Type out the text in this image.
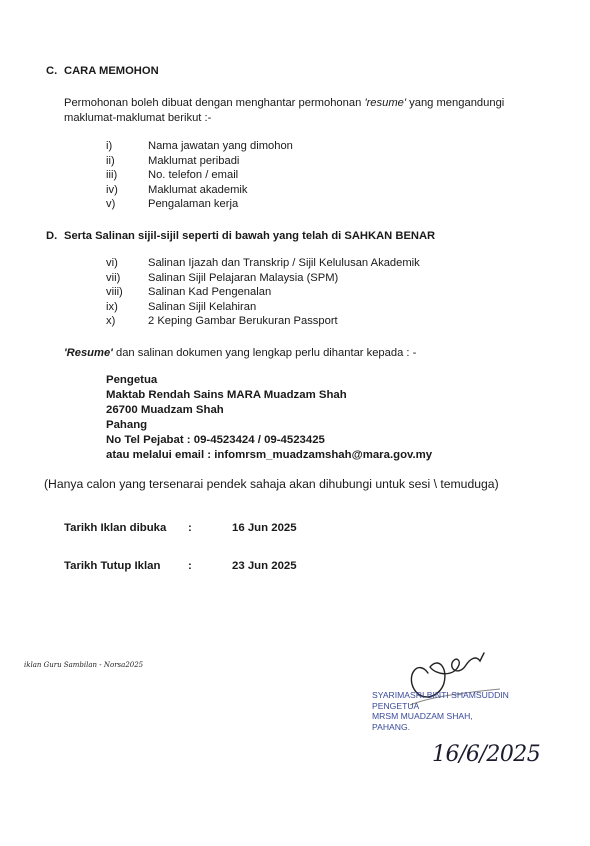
C. CARA MEMOHON
Permohonan boleh dibuat dengan menghantar permohonan 'resume' yang mengandungi
maklumat-maklumat berikut :-
i)	Nama jawatan yang dimohon
ii)	Maklumat peribadi
iii)	No. telefon / email
iv)	Maklumat akademik
v)	Pengalaman kerja
D. Serta Salinan sijil-sijil seperti di bawah yang telah di SAHKAN BENAR
vi)	Salinan Ijazah dan Transkrip / Sijil Kelulusan Akademik
vii)	Salinan Sijil Pelajaran Malaysia (SPM)
viii)	Salinan Kad Pengenalan
ix)	Salinan Sijil Kelahiran
x)	2 Keping Gambar Berukuran Passport
'Resume' dan salinan dokumen yang lengkap perlu dihantar kepada : -
Pengetua
Maktab Rendah Sains MARA Muadzam Shah
26700 Muadzam Shah
Pahang
No Tel Pejabat : 09-4523424 / 09-4523425
atau melalui email : infomrsm_muadzamshah@mara.gov.my
(Hanya calon yang tersenarai pendek sahaja akan dihubungi untuk sesi \ temuduga)
Tarikh Iklan dibuka	:	16 Jun 2025
Tarikh Tutup Iklan	:	23 Jun 2025
iklan Guru Sambilan - Norsa2025
SYARIMASRI BINTI SHAMSUDDIN
PENGETUA
MRSM MUADZAM SHAH,
PAHANG.
16/6/2025
